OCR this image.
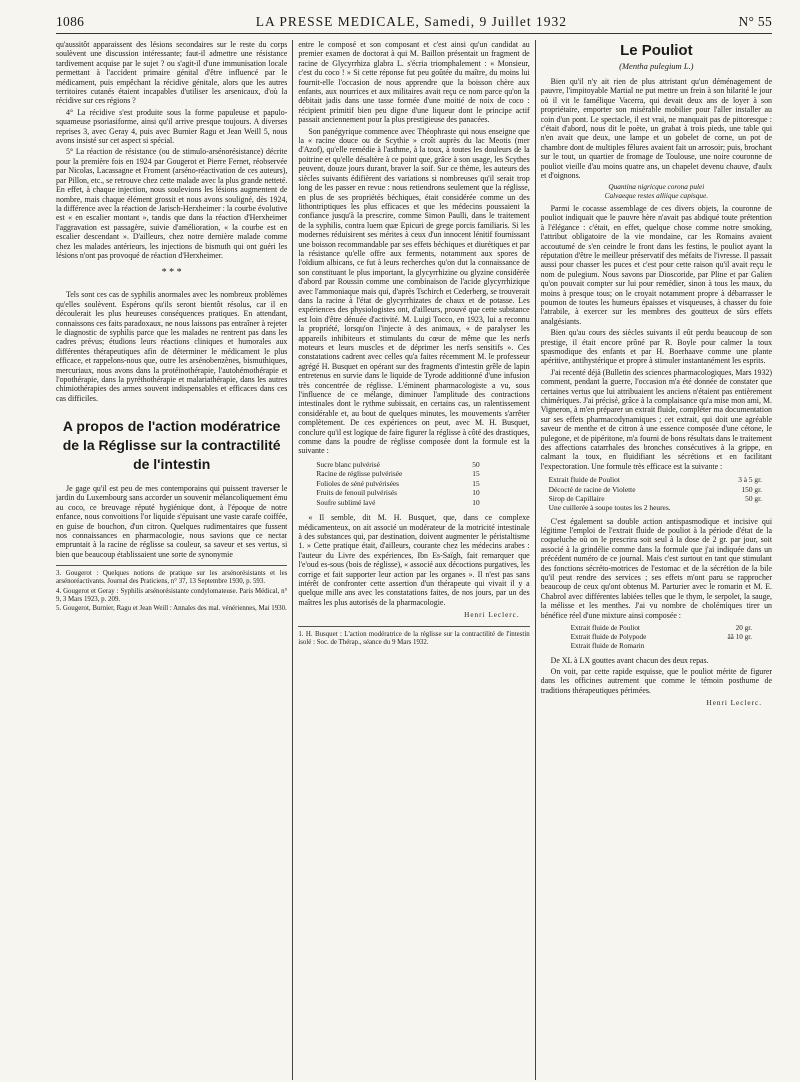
1086	LA PRESSE MEDICALE, Samedi, 9 Juillet 1932	N° 55

qu'aussitôt apparaissent des lésions secondaires sur le reste du corps soulèvent une discussion intéressante; faut-il admettre une résistance tardivement acquise par le sujet ? ou s'agit-il d'une immunisation locale permettant à l'accident primaire génital d'être influencé par le médicament, puis empêchant la récidive génitale, alors que les autres territoires cutanés étaient incapables d'utiliser les arsenicaux, d'où la récidive sur ces régions ?

4° La récidive s'est produite sous la forme papuleuse et papulo-squameuse psoriasiforme, ainsi qu'il arrive presque toujours. A diverses reprises 3, avec Geray 4, puis avec Burnier Ragu et Jean Weill 5, nous avons insisté sur cet aspect si spécial.

5° La réaction de résistance (ou de stimulo-arsénorésistance) décrite pour la première fois en 1924 par Gougerot et Pierre Fernet, réobservée par Nicolas, Lacassagne et Froment (arséno-réactivation de ces auteurs), par Pillon, etc., se retrouve chez cette malade avec la plus grande netteté. En effet, à chaque injection, nous soulevions les lésions augmentent de nombre, mais chaque élément grossit et nous avons souligné, dès 1924, la différence avec la réaction de Jarisch-Herxheimer : la courbe évolutive est « en escalier montant », tandis que dans la réaction d'Herxheimer l'aggravation est passagère, suivie d'amélioration, « la courbe est en escalier descendant ». D'ailleurs, chez notre dernière malade comme chez les malades antérieurs, les injections de bismuth qui ont guéri les lésions n'ont pas provoqué de réaction d'Herxheimer.

* * *

Tels sont ces cas de syphilis anormales avec les nombreux problèmes qu'elles soulèvent. Espérons qu'ils seront bientôt résolus, car il en découlerait les plus heureuses conséquences pratiques. En attendant, connaissons ces faits paradoxaux, ne nous laissons pas entraîner à rejeter le diagnostic de syphilis parce que les malades ne rentrent pas dans les cadres prévus; étudions leurs réactions cliniques et humorales aux différentes thérapeutiques afin de déterminer le médicament le plus efficace, et rappelons-nous que, outre les arsénobenzènes, bismuthiques, mercuriaux, nous avons dans la protéinothérapie, l'autohémothérapie et l'opothérapie, dans la pyréthothérapie et malariathérapie, dans les autres chimiothérapies des armes souvent indispensables et efficaces dans ces cas difficiles.

A propos de l'action modératrice de la Réglisse sur la contractilité de l'intestin

Je gage qu'il est peu de mes contemporains qui puissent traverser le jardin du Luxembourg sans accorder un souvenir mélancoliquement ému au coco, ce breuvage réputé hygiénique dont, à l'époque de notre enfance, nous convoitions l'or liquide s'épuisant une vaste carafe coiffée, en guise de bouchon, d'un citron. Quelques rudimentaires que fussent nos connaissances en pharmacologie, nous savions que ce nectar empruntait à la racine de réglisse sa couleur, sa saveur et ses vertus, si bien que beaucoup établissaient une sorte de synonymie

3. Gougerot : Quelques notions de pratique sur les arsénorésistants et les arsénoréactivants. Journal des Praticiens, n° 37, 13 Septembre 1930, p. 593.
4. Gougerot et Geray : Syphilis arsénorésistante condylomateuse. Paris Médical, n° 9, 3 Mars 1923, p. 209.
5. Gougerot, Burnier, Ragu et Jean Weill : Annales des mal. vénériennes, Mai 1930.

entre le composé et son composant et c'est ainsi qu'un candidat au premier examen de doctorat à qui M. Baillon présentait un fragment de racine de Glycyrrhiza glabra L. s'écria triomphalement : « Monsieur, c'est du coco ! » Si cette réponse fut peu goûtée du maître, du moins lui fournit-elle l'occasion de nous apprendre que la boisson chère aux enfants, aux nourrices et aux militaires avait reçu ce nom parce qu'on la débitait jadis dans une tasse formée d'une moitié de noix de coco : récipient primitif bien peu digne d'une liqueur dont le principe actif passait anciennement pour la plus prestigieuse des panacées.

Son panégyrique commence avec Théophraste qui nous enseigne que la « racine douce ou de Scythie » croît auprès du lac Meotis (mer d'Azof), qu'elle remédie à l'asthme, à la toux, à toutes les douleurs de la poitrine et qu'elle désaltère à ce point que, grâce à son usage, les Scythes peuvent, douze jours durant, braver la soif. Sur ce thème, les auteurs des siècles suivants édifièrent des variations si nombreuses qu'il serait trop long de les passer en revue : nous retiendrons seulement que la réglisse, en plus de ses propriétés béchiques, était considérée comme un des lithontriptiques les plus efficaces et que les médecins poussaient la confiance jusqu'à la prescrire, comme Simon Paulli, dans le traitement de la syphilis, contra luem quæ Epicuri de grege porcis familiaris. Si les modernes réduisirent ses mérites à ceux d'un innocent lénitif fournissant une boisson recommandable par ses effets béchiques et diurétiques et par la résistance qu'elle offre aux ferments, notamment aux spores de l'oïdium albicans, ce fut à leurs recherches qu'on dut la connaissance de son constituant le plus important, la glycyrrhizine ou glyzine considérée d'abord par Roussin comme une combinaison de l'acide glycyrrhizique avec l'ammoniaque mais qui, d'après Tschirch et Cederberg, se trouverait dans la racine à l'état de glycyrrhizates de chaux et de potasse. Les expériences des physiologistes ont, d'ailleurs, prouvé que cette substance est loin d'être dénuée d'activité. M. Luigi Tocco, en 1923, lui a reconnu la propriété, lorsqu'on l'injecte à des animaux, « de paralyser les appareils inhibiteurs et stimulants du cœur de même que les nerfs moteurs et leurs muscles et de déprimer les nerfs sensitifs ». Ces constatations cadrent avec celles qu'a faites récemment M. le professeur agrégé H. Busquet en opérant sur des fragments d'intestin grêle de lapin entretenus en survie dans le liquide de Tyrode additionné d'une infusion très concentrée de réglisse. L'éminent pharmacologiste a vu, sous l'influence de ce mélange, diminuer l'amplitude des contractions intestinales dont le rythme subissait, en certains cas, un ralentissement considérable et, au bout de quelques minutes, les mouvements s'arrêter complètement. De ces expériences on peut, avec M. H. Busquet, conclure qu'il est logique de faire figurer la réglisse à côté des drastiques, comme dans la poudre de réglisse composée dont la formule est la suivante :

Sucre blanc pulvérisé	50
Racine de réglisse pulvérisée	15
Folioles de séné pulvérisées	15
Fruits de fenouil pulvérisés	10
Soufre sublimé lavé	10

« Il semble, dit M. H. Busquet, que, dans ce complexe médicamenteux, on ait associé un modérateur de la motricité intestinale à des substances qui, par destination, doivent augmenter le péristaltisme 1. » Cette pratique était, d'ailleurs, courante chez les médecins arabes : l'auteur du Livre des expériences, Ibn Es-Saïgh, fait remarquer que l'e'oud es-sous (bois de réglisse), « associé aux décoctions purgatives, les corrige et fait supporter leur action par les organes ». Il n'est pas sans intérêt de confronter cette assertion d'un thérapeute qui vivait il y a quelque mille ans avec les constatations faites, de nos jours, par un des maîtres les plus autorisés de la pharmacologie.

Henri Leclerc.
1. H. Busquet : L'action modératrice de la réglisse sur la contractilité de l'intestin isolé : Soc. de Thérap., séance du 9 Mars 1932.
Le Pouliot
(Mentha pulegium L.)

Bien qu'il n'y ait rien de plus attristant qu'un déménagement de pauvre, l'impitoyable Martial ne put mettre un frein à son hilarité le jour où il vit le famélique Vacerra, qui devait deux ans de loyer à son propriétaire, emporter son misérable mobilier pour l'aller installer au coin d'un pont. Le spectacle, il est vrai, ne manquait pas de pittoresque : c'était d'abord, nous dit le poète, un grabat à trois pieds, une table qui n'en avait que deux, une lampe et un gobelet de corne, un pot de chambre dont de multiples fêlures avaient fait un arrosoir; puis, brochant sur le tout, un quartier de fromage de Toulouse, une noire couronne de pouliot vieille d'au moins quatre ans, un chapelet devenu chauve, d'aulx et d'oignons.

Quantina nigricque corona pulei
Calvaeque restes alliique capisque.

Parmi le cocasse assemblage de ces divers objets, la couronne de pouliot indiquait que le pauvre hère n'avait pas abdiqué toute prétention à l'élégance : c'était, en effet, quelque chose comme notre smoking, l'attribut obligatoire de la vie mondaine, car les Romains avaient accoutumé de s'en ceindre le front dans les festins, le pouliot ayant la réputation d'être le meilleur préservatif des méfaits de l'ivresse. Il passait aussi pour chasser les puces et c'est pour cette raison qu'il avait reçu le nom de pulegium. Nous savons par Dioscoride, par Pline et par Galien qu'on pouvait compter sur lui pour remédier, sinon à tous les maux, du moins à presque tous; on le croyait notamment propre à débarrasser le poumon de toutes les humeurs épaisses et visqueuses, à chasser du foie l'atrabile, à exercer sur les membres des goutteux de sûrs effets analgésiants.

Bien qu'au cours des siècles suivants il eût perdu beaucoup de son prestige, il était encore prôné par R. Boyle pour calmer la toux spasmodique des enfants et par H. Boerhaave comme une plante apéritive, antihystérique et propre à stimuler instantanément les esprits.

J'ai recenté déjà (Bulletin des sciences pharmacologiques, Mars 1932) comment, pendant la guerre, l'occasion m'a été donnée de constater que certaines vertus que lui attribuaient les anciens n'étaient pas entièrement chimériques. J'ai précisé, grâce à la complaisance qu'a mise mon ami, M. Vigneron, à m'en préparer un extrait fluide, compléter ma documentation sur ses effets pharmacodynamiques ; cet extrait, qui doit une agréable saveur de menthe et de citron à une essence composée d'une cétone, le pulegone, et de pipéritone, m'a fourni de bons résultats dans le traitement des affections catarrhales des bronches consécutives à la grippe, en calmant la toux, en fluidifiant les sécrétions et en facilitant l'expectoration. Une formule très efficace est la suivante :

Extrait fluide de Pouliot	3 à 5 gr.
Décocté de racine de Violette	150 gr.
Sirop de Capillaire	50 gr.
Une cuillerée à soupe toutes les 2 heures.

C'est également sa double action antispasmodique et incisive qui légitime l'emploi de l'extrait fluide de pouliot à la période d'état de la coqueluche où on le prescrira soit seul à la dose de 2 gr. par jour, soit associé à la grindélie comme dans la formule que j'ai indiquée dans un précédent numéro de ce journal. Mais c'est surtout en tant que stimulant des fonctions sécréto-motrices de l'estomac et de la sécrétion de la bile qu'il peut rendre des services ; ses effets m'ont paru se rapprocher beaucoup de ceux qu'ont obtenus M. Parturier avec le romarin et M. E. Chabrol avec différentes labiées telles que le thym, le serpolet, la sauge, la mélisse et les menthes. J'ai vu nombre de cholémiques tirer un bénéfice réel d'une mixture ainsi composée :

Extrait fluide de Pouliot	20 gr.
Extrait fluide de Polypode	ââ 10 gr.
Extrait fluide de Romarin

De XL à LX gouttes avant chacun des deux repas.

On voit, par cette rapide esquisse, que le pouliot mérite de figurer dans les officines autrement que comme le témoin posthume de traditions thérapeutiques périmées.

Henri Leclerc.
